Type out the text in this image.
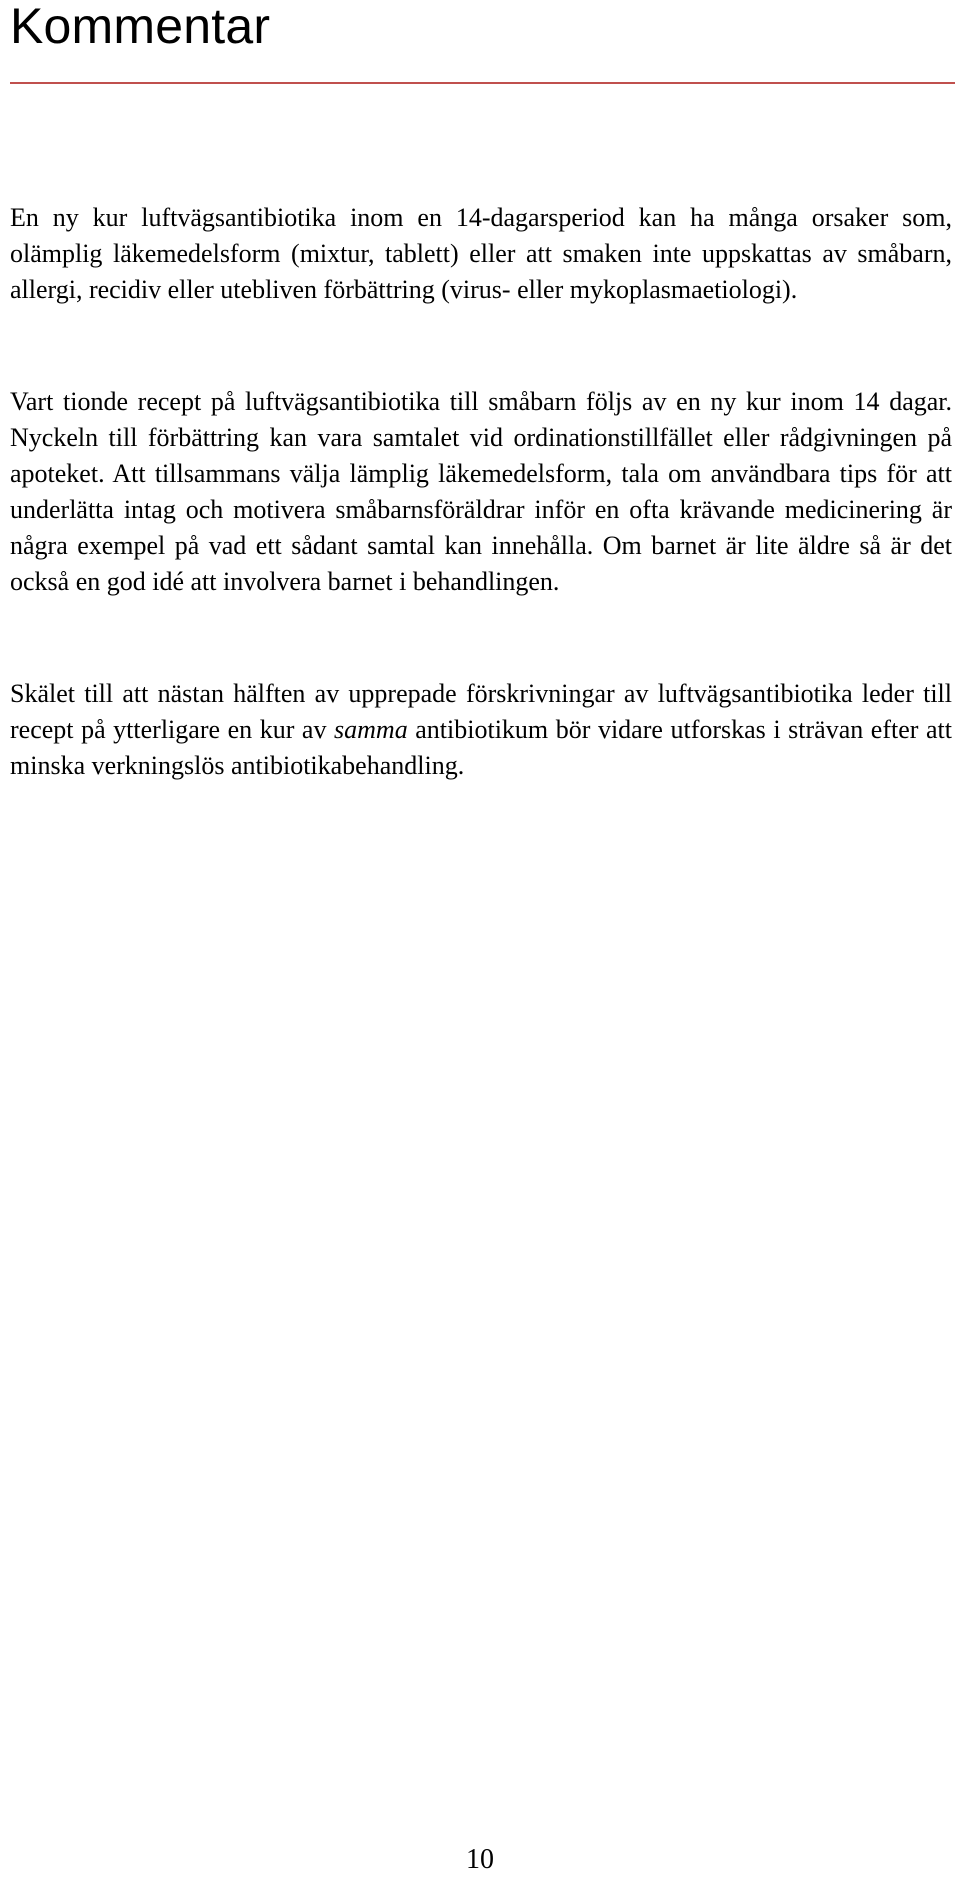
Kommentar

En ny kur luftvägsantibiotika inom en 14-dagarsperiod kan ha många orsaker som, olämplig läkemedelsform (mixtur, tablett) eller att smaken inte uppskattas av småbarn, allergi, recidiv eller utebliven förbättring (virus- eller mykoplasmaetiologi).

Vart tionde recept på luftvägsantibiotika till småbarn följs av en ny kur inom 14 dagar. Nyckeln till förbättring kan vara samtalet vid ordinationstillfället eller rådgivningen på apoteket. Att tillsammans välja lämplig läkemedelsform, tala om användbara tips för att underlätta intag och motivera småbarnsföräldrar inför en ofta krävande medicinering är några exempel på vad ett sådant samtal kan innehålla. Om barnet är lite äldre så är det också en god idé att involvera barnet i behandlingen.

Skälet till att nästan hälften av upprepade förskrivningar av luftvägsantibiotika leder till recept på ytterligare en kur av samma antibiotikum bör vidare utforskas i strävan efter att minska verkningslös antibiotikabehandling.

10
